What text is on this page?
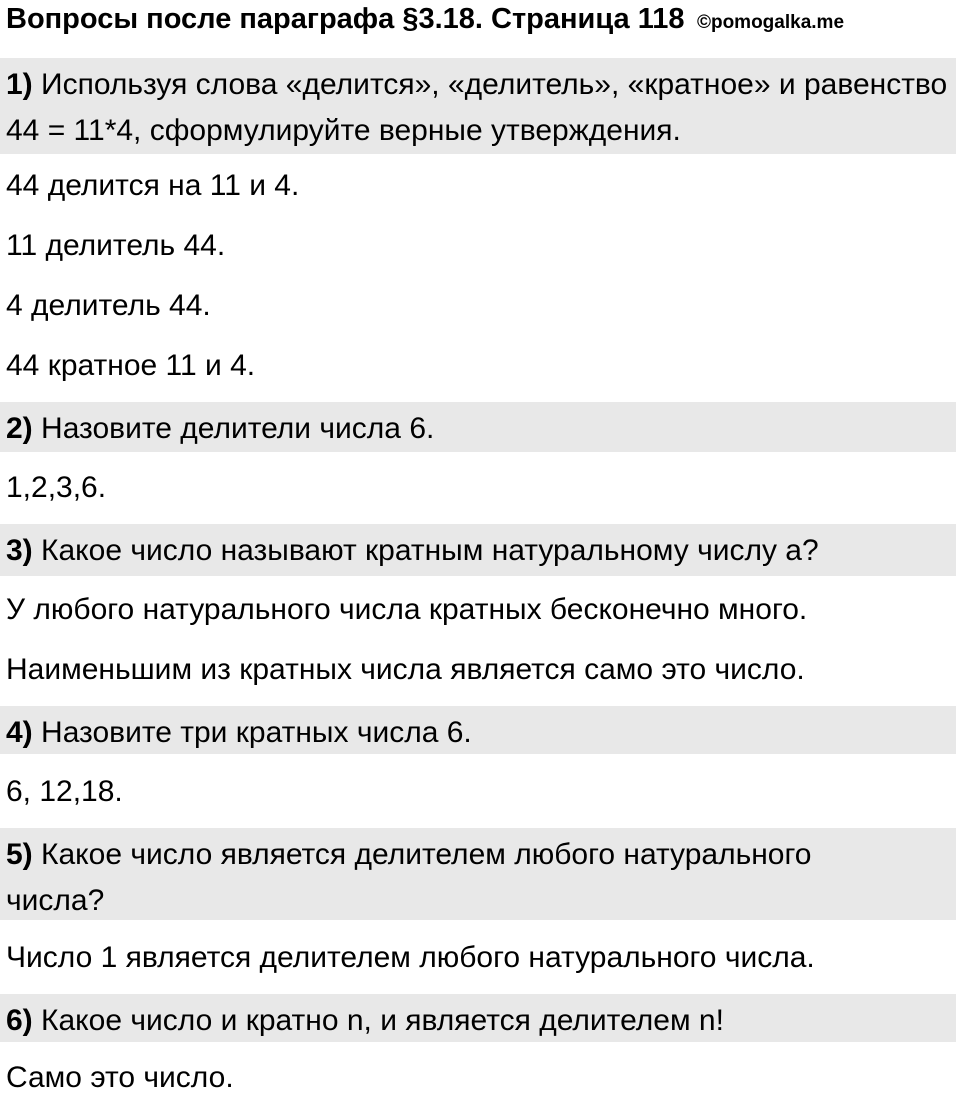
Вопросы после параграфа §3.18. Страница 118 ©pomogalka.me

1) Используя слова «делится», «делитель», «кратное» и равенство 44 = 11*4, сформулируйте верные утверждения.

44 делится на 11 и 4.

11 делитель 44.

4 делитель 44.

44 кратное 11 и 4.

2) Назовите делители числа 6.

1,2,3,6.

3) Какое число называют кратным натуральному числу а?

У любого натурального числа кратных бесконечно много.

Наименьшим из кратных числа является само это число.

4) Назовите три кратных числа 6.

6, 12,18.

5) Какое число является делителем любого натурального числа?

Число 1 является делителем любого натурального числа.

6) Какое число и кратно n, и является делителем n!

Само это число.
